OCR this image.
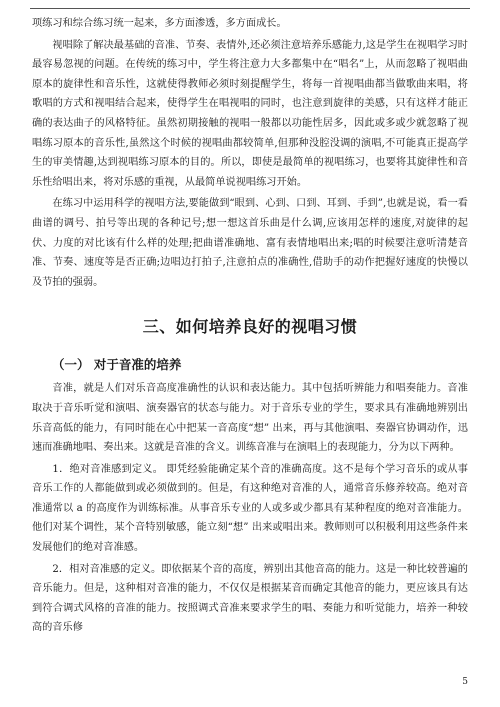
项练习和综合练习统一起来，多方面渗透，多方面成长。

视唱除了解决最基础的音准、节奏、表情外,还必须注意培养乐感能力,这是学生在视唱学习时最容易忽视的问题。在传统的练习中，学生将注意力大多都集中在“唱名”上，从而忽略了视唱曲原本的旋律性和音乐性，这就使得教师必须时刻提醒学生，将每一首视唱曲都当做歌曲来唱，将歌唱的方式和视唱结合起来，使得学生在唱视唱的同时，也注意到旋律的美感，只有这样才能正确的表达曲子的风格特征。虽然初期接触的视唱一般都以功能性居多，因此或多或少就忽略了视唱练习原本的音乐性,虽然这个时候的视唱曲都较简单,但那种没腔没调的演唱,不可能真正提高学生的审美情趣,达到视唱练习原本的目的。所以，即使是最简单的视唱练习，也要将其旋律性和音乐性给唱出来，将对乐感的重视，从最简单说视唱练习开始。

在练习中运用科学的视唱方法,要能做到“眼到、心到、口到、耳到、手到”,也就是说，看一看曲谱的调号、拍号等出现的各种记号;想一想这首乐曲是什么调,应该用怎样的速度,对旋律的起伏、力度的对比该有什么样的处理;把曲谱准确地、富有表情地唱出来;唱的时候要注意听清楚音准、节奏、速度等是否正确;边唱边打拍子,注意拍点的准确性,借助手的动作把握好速度的快慢以及节拍的强弱。

三、如何培养良好的视唱习惯
（一） 对于音准的培养

音准，就是人们对乐音高度准确性的认识和表达能力。其中包括听辨能力和唱奏能力。音准取决于音乐听觉和演唱、演奏器官的状态与能力。对于音乐专业的学生，要求具有准确地辨别出乐音高低的能力，有同时能在心中把某一音高度“想” 出来，再与其他演唱、奏器官协调动作，迅速而准确地唱、奏出来。这就是音准的含义。训练音准与在演唱上的表现能力，分为以下两种。

1．绝对音准感到定义。 即凭经验能确定某个音的准确高度。这不是每个学习音乐的或从事音乐工作的人都能做到或必须做到的。但是，有这种绝对音准的人，通常音乐修养较高。绝对音准通常以 a 的高度作为训练标准。从事音乐专业的人或多或少都具有某种程度的绝对音准能力。他们对某个调性，某个音特别敏感，能立刻“想” 出来或唱出来。教师则可以积极利用这些条件来发展他们的绝对音准感。

2．相对音准感的定义。即依据某个音的高度，辨别出其他音高的能力。这是一种比较普遍的音乐能力。但是，这种相对音准的能力，不仅仅是根据某音而确定其他音的能力，更应该具有达到符合调式风格的音准的能力。按照调式音准来要求学生的唱、奏能力和听觉能力，培养一种较高的音乐修

5
